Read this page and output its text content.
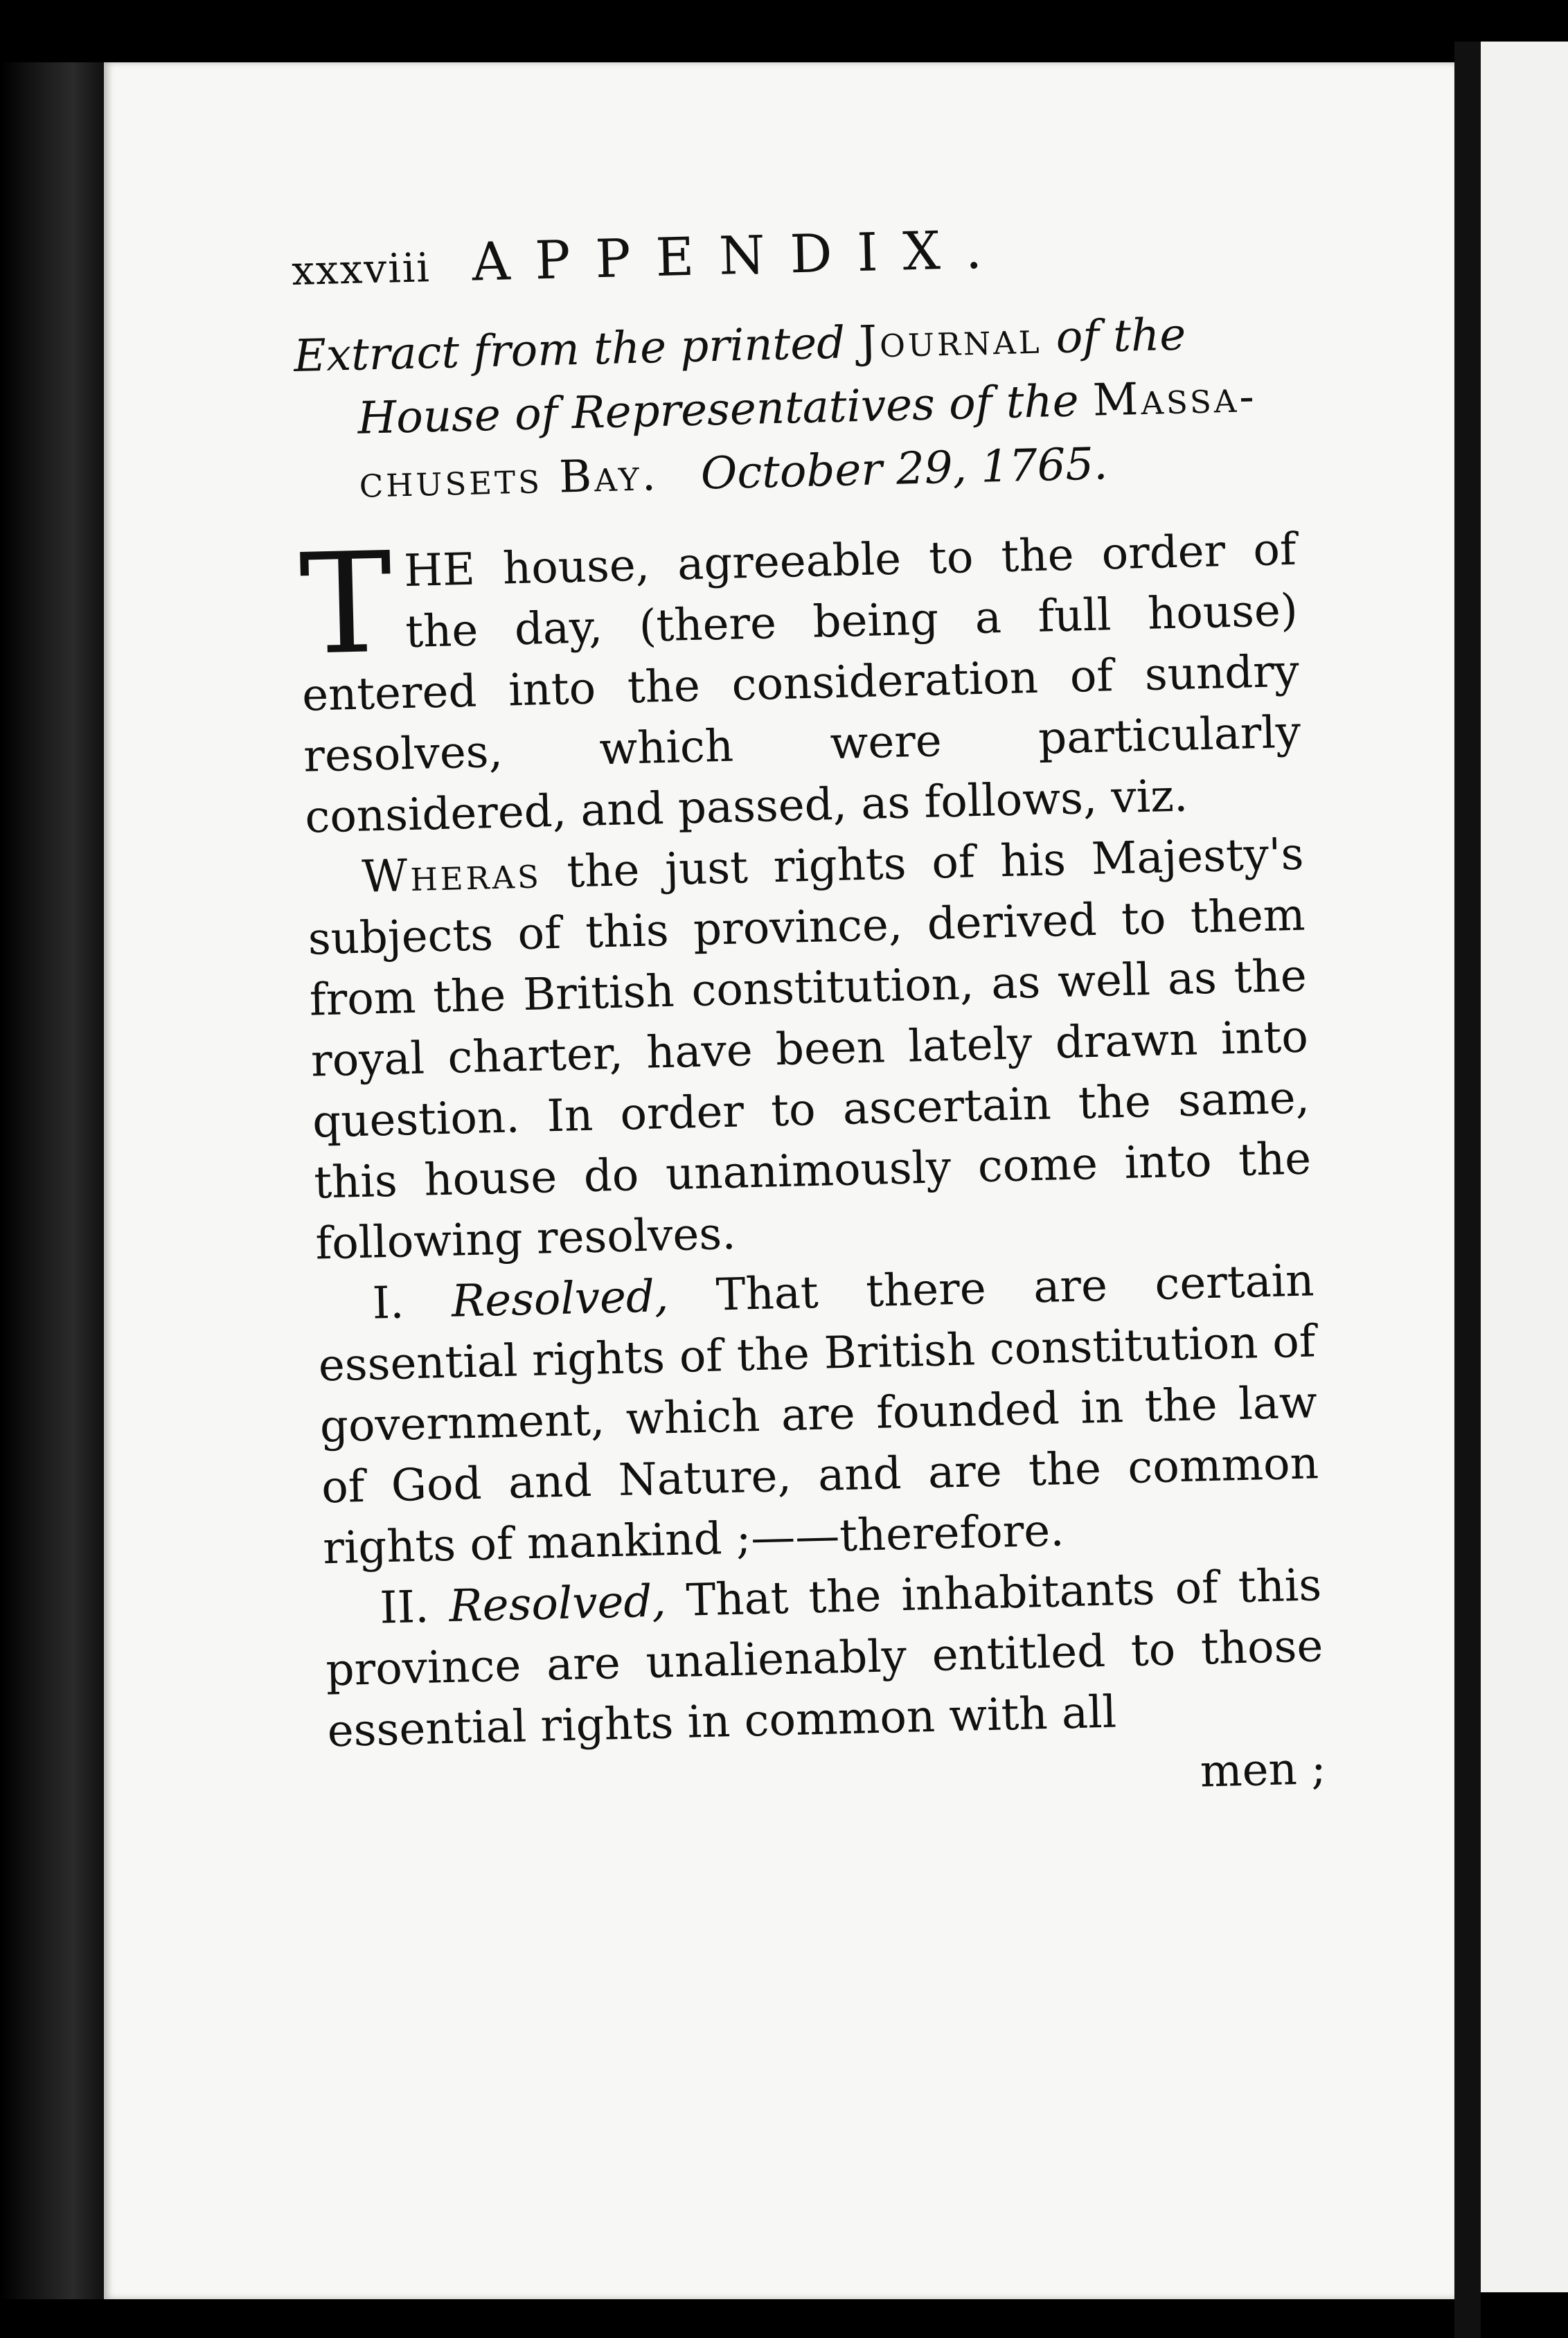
xxxviii APPENDIX.
Extract from the printed Journal of the
House of Representatives of the Massa-
chusets Bay. October 29, 1765.

THE house, agreeable to the order of the day, (there being a full house) entered into the consideration of sundry resolves, which were particularly considered, and passed, as follows, viz.

Wheras the just rights of his Majesty's subjects of this province, derived to them from the British constitution, as well as the royal charter, have been lately drawn into question. In order to ascertain the same, this house do unanimously come into the following resolves.

I. Resolved, That there are certain essential rights of the British constitution of government, which are founded in the law of God and Nature, and are the common rights of mankind ;——therefore.

II. Resolved, That the inhabitants of this province are unalienably entitled to those essential rights in common with all

men ;
